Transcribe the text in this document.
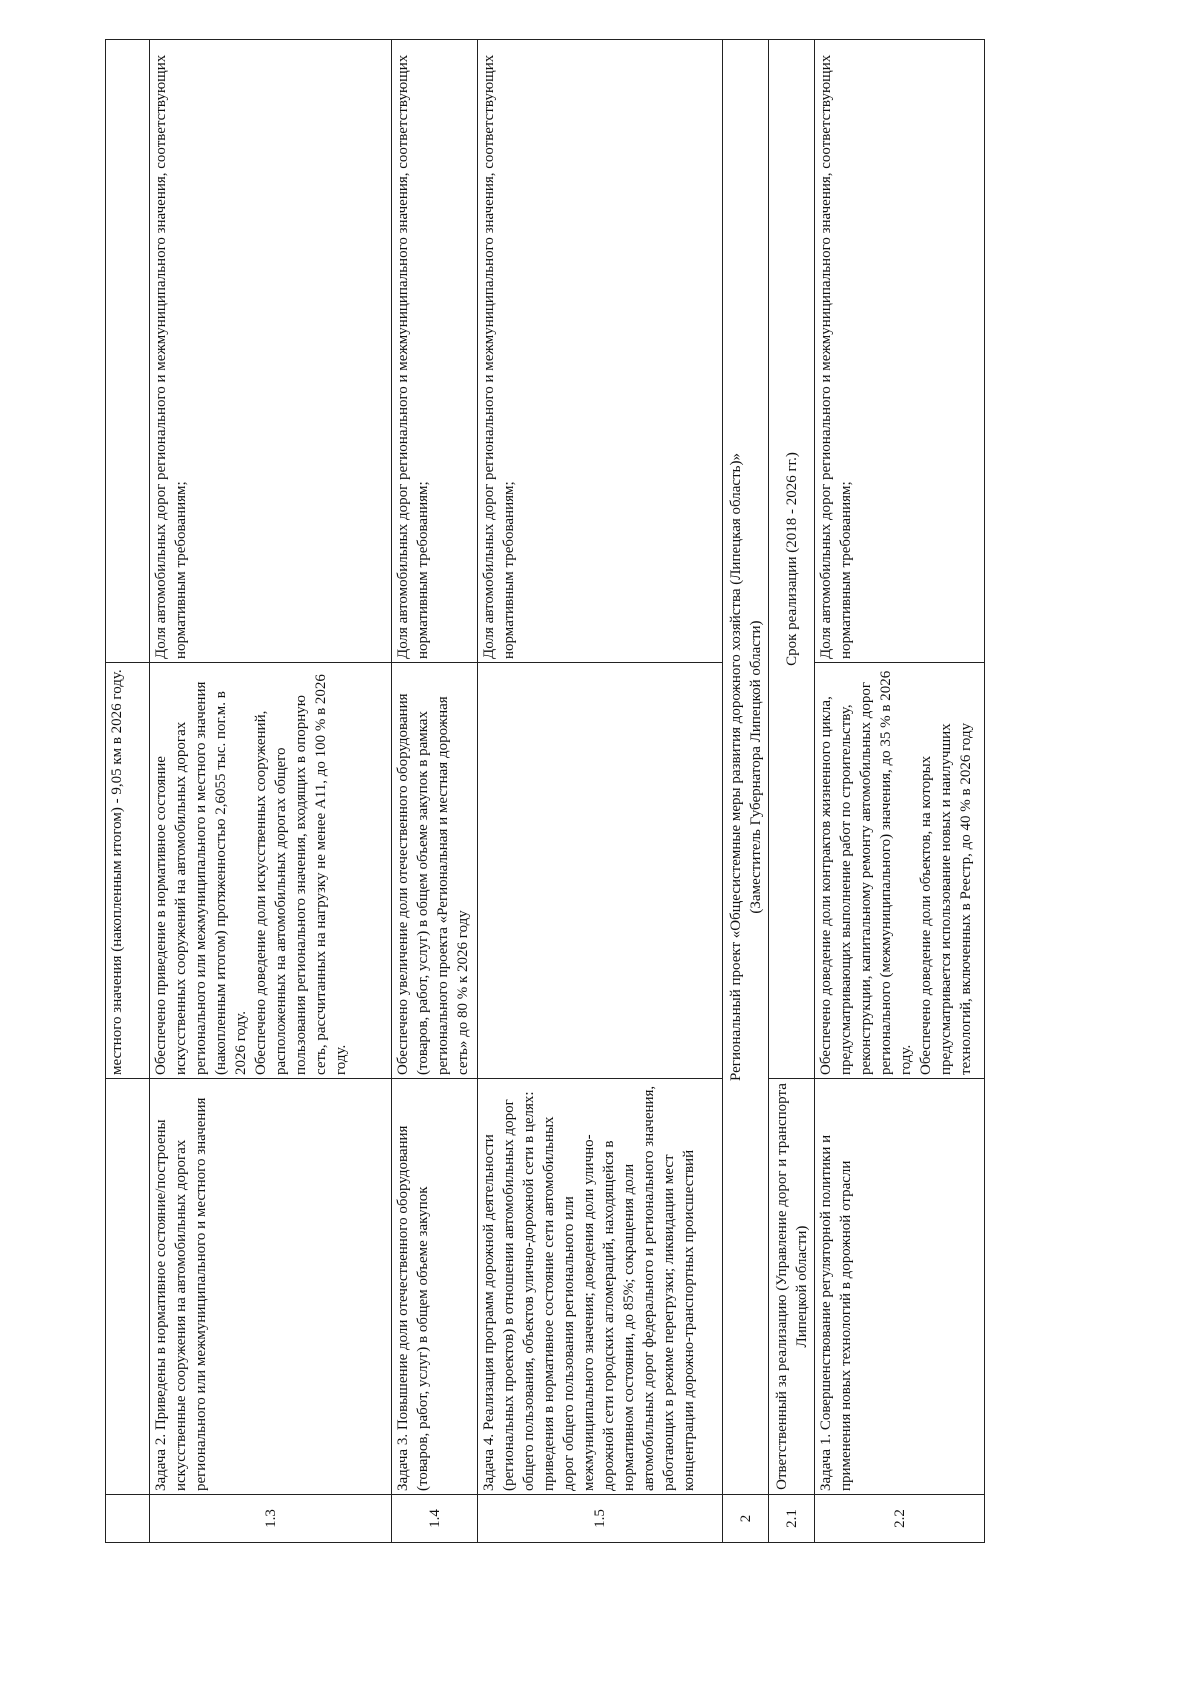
		местного значения (накопленным итогом) - 9,05 км в 2026 году.	
1.3	Задача 2. Приведены в нормативное состояние/построены искусственные сооружения на автомобильных дорогах регионального или межмуниципального и местного значения	Обеспечено приведение в нормативное состояние искусственных сооружений на автомобильных дорогах регионального или межмуниципального и местного значения (накопленным итогом) протяженностью 2,6055 тыс. пог.м. в 2026 году. Обеспечено доведение доли искусственных сооружений, расположенных на автомобильных дорогах общего пользования регионального значения, входящих в опорную сеть, рассчитанных на нагрузку не менее А11, до 100 % в 2026 году.	Доля автомобильных дорог регионального и межмуниципального значения, соответствующих нормативным требованиям;
1.4	Задача 3. Повышение доли отечественного оборудования (товаров, работ, услуг) в общем объеме закупок	Обеспечено увеличение доли отечественного оборудования (товаров, работ, услуг) в общем объеме закупок в рамках регионального проекта «Региональная и местная дорожная сеть» до 80 % к 2026 году	Доля автомобильных дорог регионального и межмуниципального значения, соответствующих нормативным требованиям;
1.5	Задача 4. Реализация программ дорожной деятельности (региональных проектов) в отношении автомобильных дорог общего пользования, объектов улично-дорожной сети в целях: приведения в нормативное состояние сети автомобильных дорог общего пользования регионального или межмуниципального значения; доведения доли улично-дорожной сети городских агломераций, находящейся в нормативном состоянии, до 85%; сокращения доли автомобильных дорог федерального и регионального значения, работающих в режиме перегрузки; ликвидации мест концентрации дорожно-транспортных происшествий		Доля автомобильных дорог регионального и межмуниципального значения, соответствующих нормативным требованиям;
2	Региональный проект «Общесистемные меры развития дорожного хозяйства (Липецкая область)» (Заместитель Губернатора Липецкой области)		

2.1	Ответственный за реализацию (Управление дорог и транспорта Липецкой области)	Срок реализации (2018 - 2026 гг.)	
2.2	Задача 1. Совершенствование регуляторной политики и применения новых технологий в дорожной отрасли	Обеспечено доведение доли контрактов жизненного цикла, предусматривающих выполнение работ по строительству, реконструкции, капитальному ремонту автомобильных дорог регионального (межмуниципального) значения, до 35 % в 2026 году. Обеспечено доведение доли объектов, на которых предусматривается использование новых и наилучших технологий, включенных в Реестр, до 40 % в 2026 году	Доля автомобильных дорог регионального и межмуниципального значения, соответствующих нормативным требованиям;
